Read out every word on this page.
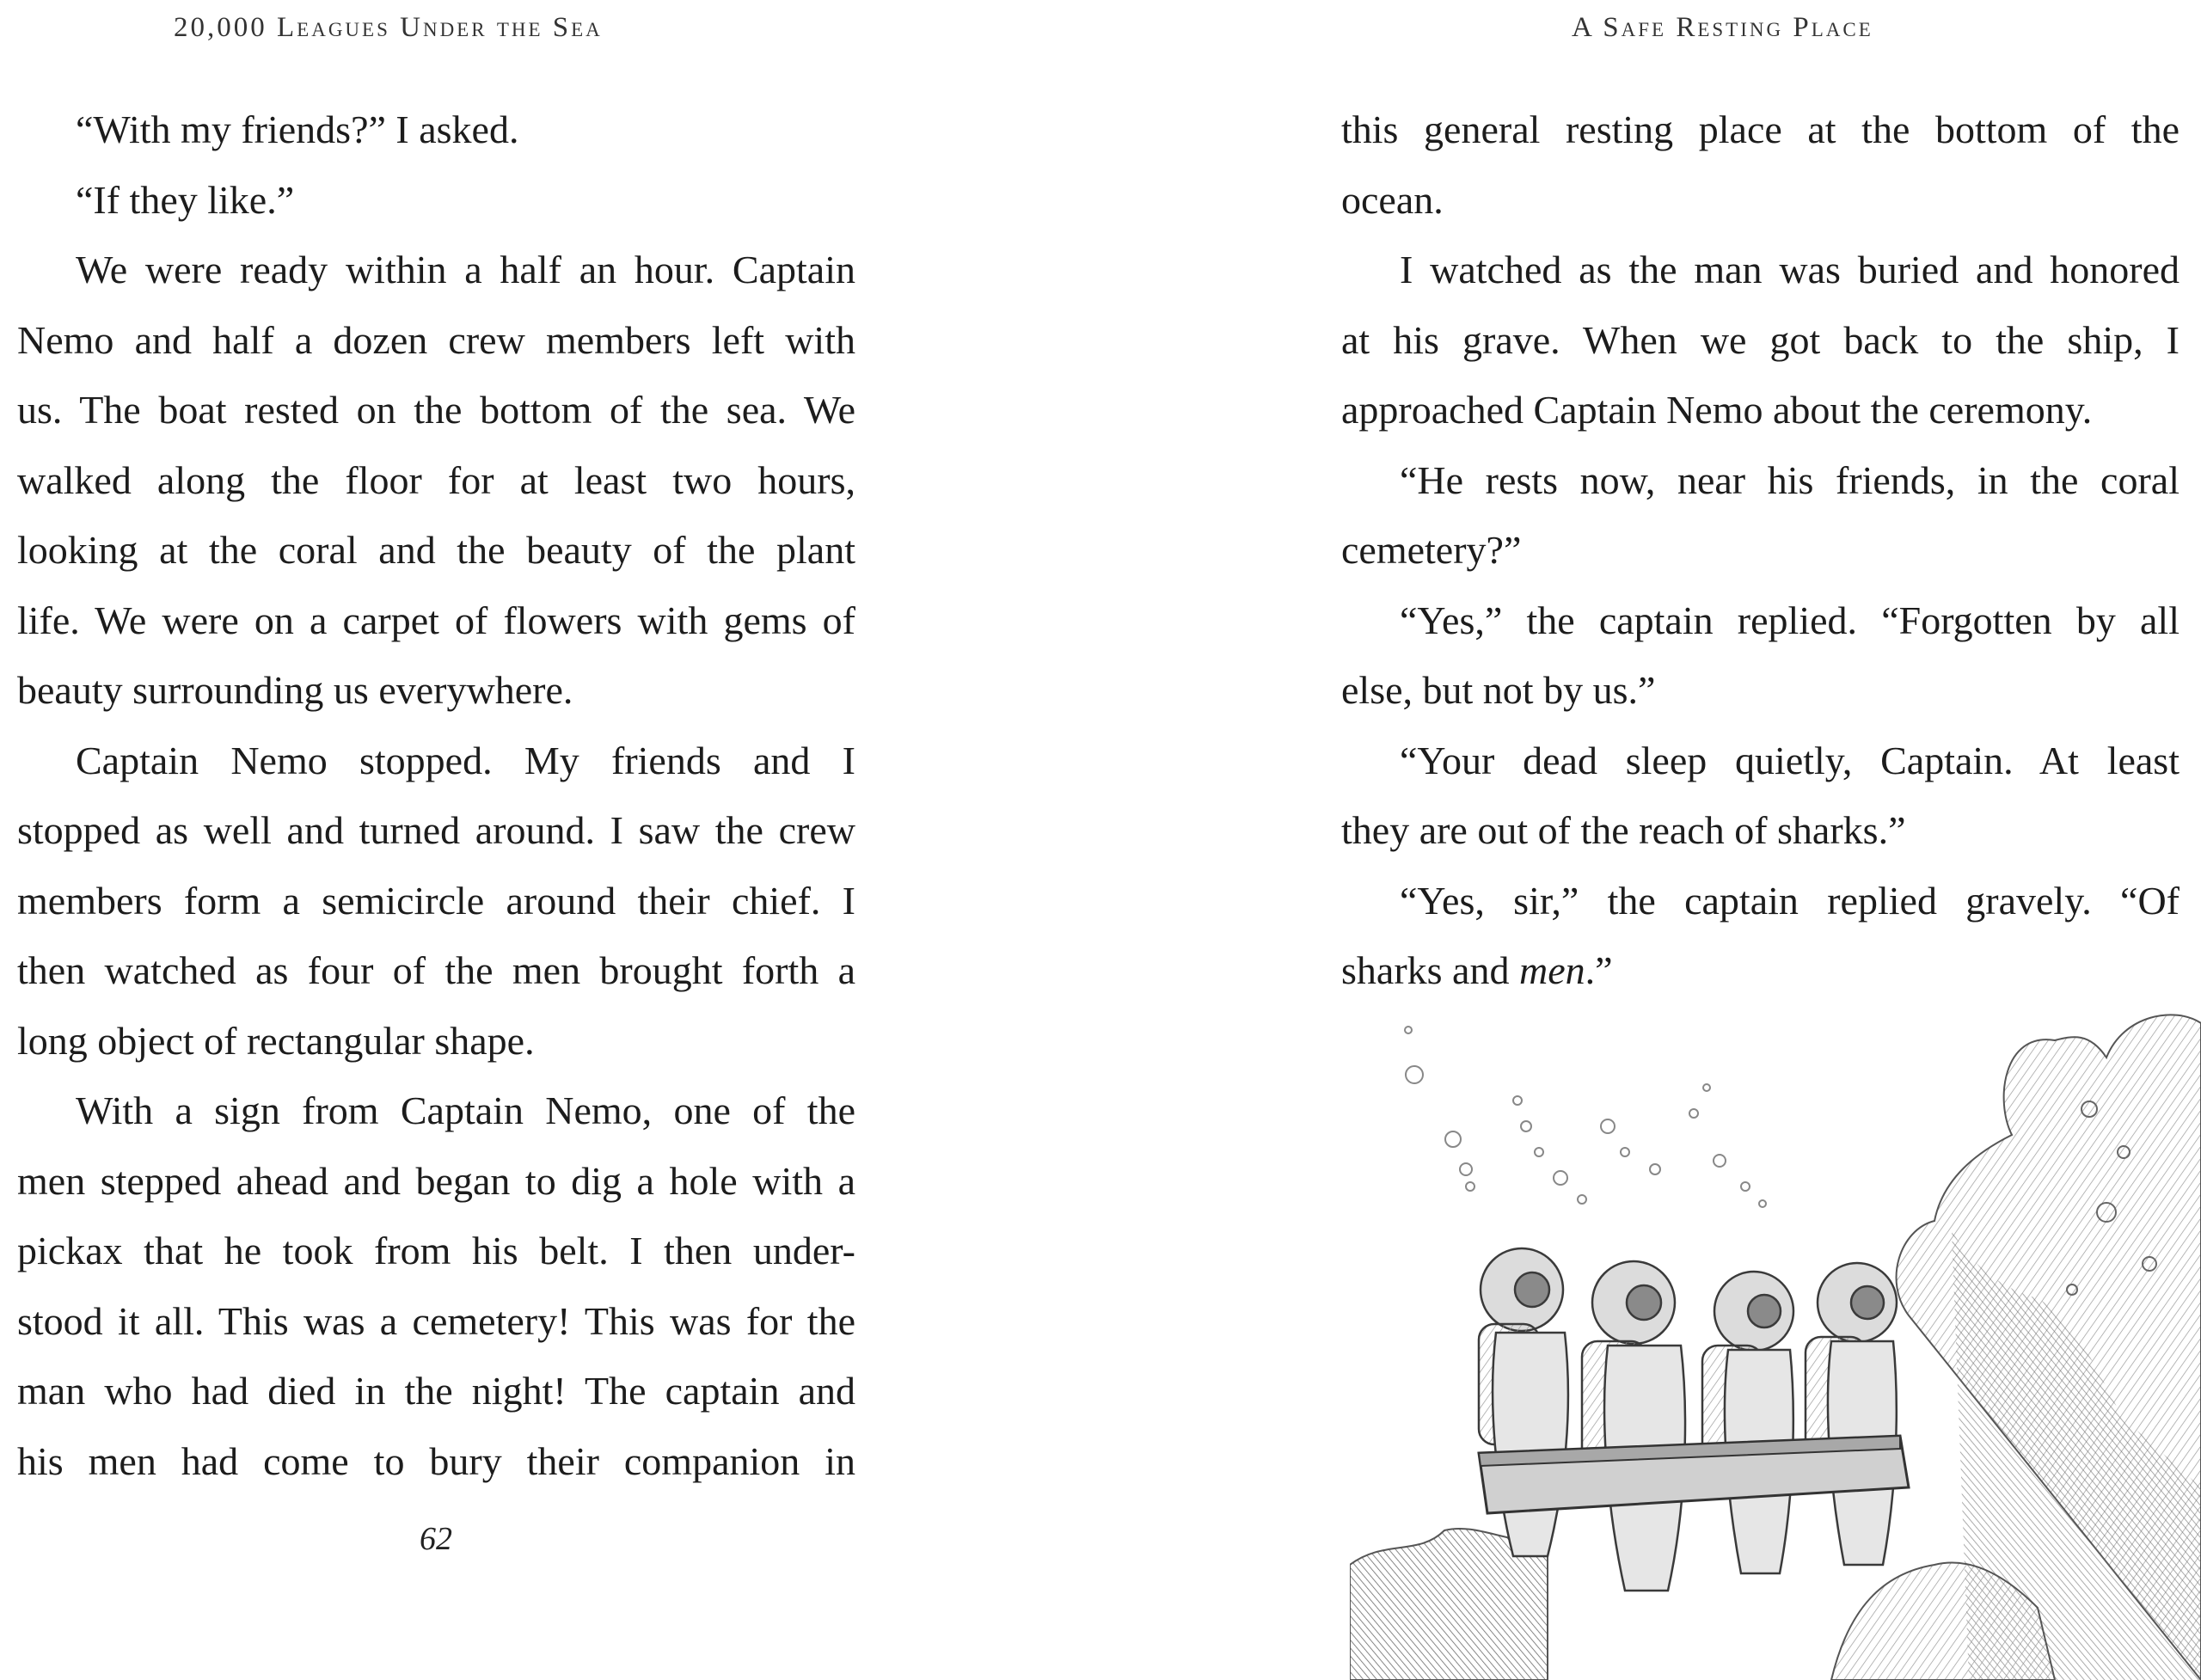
20,000 Leagues Under the Sea
“With my friends?” I asked.
“If they like.”
We were ready within a half an hour. Captain
Nemo and half a dozen crew members left with
us. The boat rested on the bottom of the sea. We
walked along the floor for at least two hours,
looking at the coral and the beauty of the plant
life. We were on a carpet of flowers with gems of
beauty surrounding us everywhere.
Captain Nemo stopped. My friends and I
stopped as well and turned around. I saw the crew
members form a semicircle around their chief. I
then watched as four of the men brought forth a
long object of rectangular shape.
With a sign from Captain Nemo, one of the
men stepped ahead and began to dig a hole with a
pickax that he took from his belt. I then under-
stood it all. This was a cemetery! This was for the
man who had died in the night! The captain and
his men had come to bury their companion in
62
A Safe Resting Place
this general resting place at the bottom of the
ocean.
I watched as the man was buried and honored
at his grave. When we got back to the ship, I
approached Captain Nemo about the ceremony.
“He rests now, near his friends, in the coral
cemetery?”
“Yes,” the captain replied. “Forgotten by all
else, but not by us.”
“Your dead sleep quietly, Captain. At least
they are out of the reach of sharks.”
“Yes, sir,” the captain replied gravely. “Of
sharks and men.”
